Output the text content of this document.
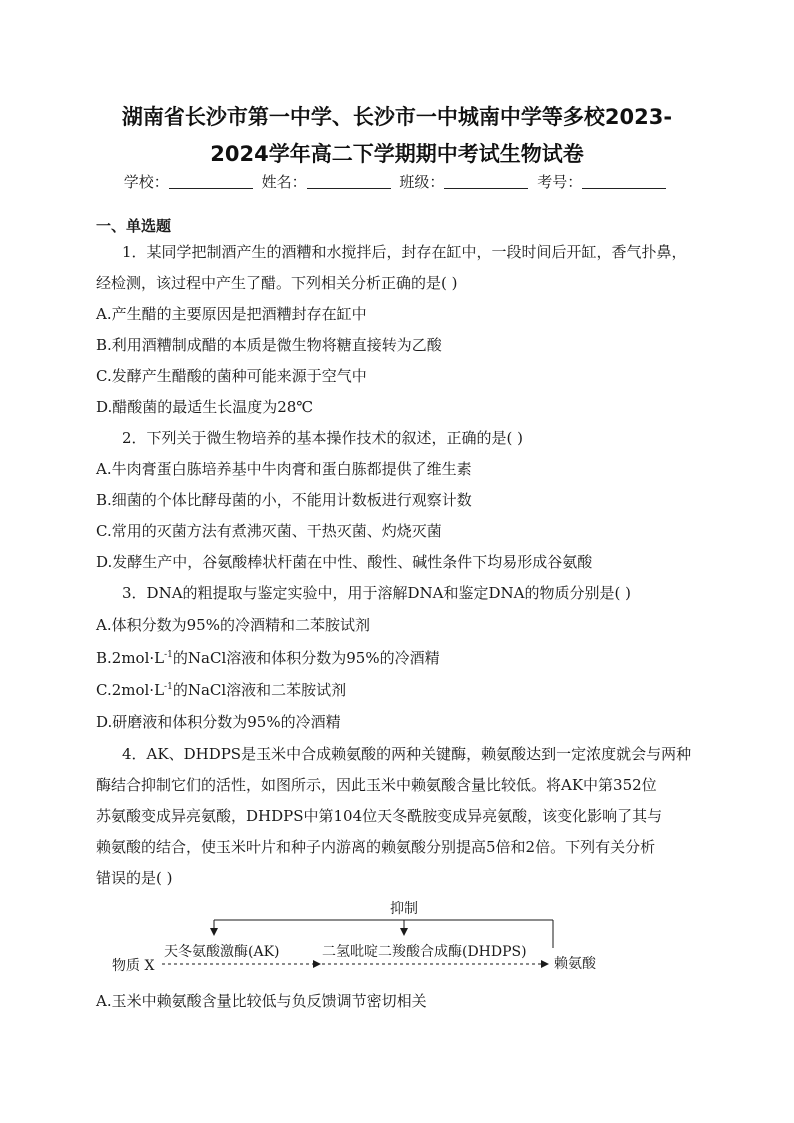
湖南省长沙市第一中学、长沙市一中城南中学等多校2023-
2024学年高二下学期期中考试生物试卷
学校：	姓名：	班级：	考号：
一、单选题
1．某同学把制酒产生的酒糟和水搅拌后，封存在缸中，一段时间后开缸，香气扑鼻，
经检测，该过程中产生了醋。下列相关分析正确的是( )
A.产生醋的主要原因是把酒糟封存在缸中
B.利用酒糟制成醋的本质是微生物将糖直接转为乙酸
C.发酵产生醋酸的菌种可能来源于空气中
D.醋酸菌的最适生长温度为28℃
2．下列关于微生物培养的基本操作技术的叙述，正确的是( )
A.牛肉膏蛋白胨培养基中牛肉膏和蛋白胨都提供了维生素
B.细菌的个体比酵母菌的小，不能用计数板进行观察计数
C.常用的灭菌方法有煮沸灭菌、干热灭菌、灼烧灭菌
D.发酵生产中，谷氨酸棒状杆菌在中性、酸性、碱性条件下均易形成谷氨酸
3．DNA的粗提取与鉴定实验中，用于溶解DNA和鉴定DNA的物质分别是( )
A.体积分数为95%的冷酒精和二苯胺试剂
$B.2mol\cdot L^{-1}$的NaCl溶液和体积分数为95%的冷酒精
$C.2mol\cdot L^{-1}$的NaCl溶液和二苯胺试剂
D.研磨液和体积分数为95%的冷酒精
4．AK、DHDPS是玉米中合成赖氨酸的两种关键酶，赖氨酸达到一定浓度就会与两种
酶结合抑制它们的活性，如图所示，因此玉米中赖氨酸含量比较低。将AK中第352位
苏氨酸变成异亮氨酸，DHDPS中第104位天冬酰胺变成异亮氨酸，该变化影响了其与
赖氨酸的结合，使玉米叶片和种子内游离的赖氨酸分别提高5倍和2倍。下列有关分析
错误的是( )
抑制
物质 X
天冬氨酸激酶(AK)	二氢吡啶二羧酸合成酶(DHDPS)
赖氨酸
A.玉米中赖氨酸含量比较低与负反馈调节密切相关
